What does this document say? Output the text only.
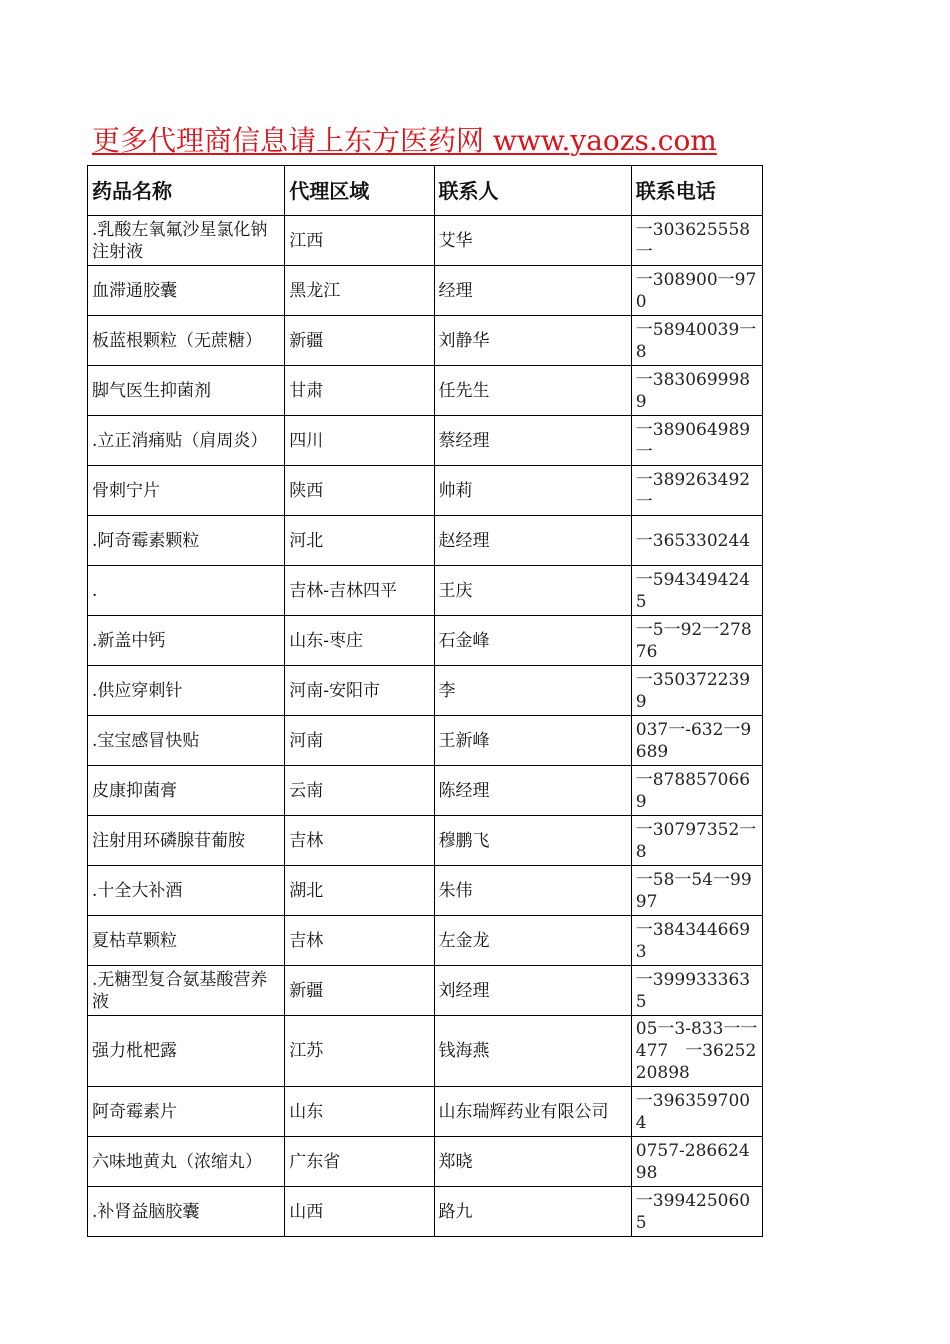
更多代理商信息请上东方医药网 www.yaozs.com
药品名称	代理区域	联系人	联系电话
.乳酸左氧氟沙星氯化钠注射液	江西	艾华	一303625558一
血滞通胶囊	黑龙江	经理	一308900一970
板蓝根颗粒（无蔗糖）	新疆	刘静华	一58940039一8
脚气医生抑菌剂	甘肃	任先生	一3830699989
.立正消痛贴（肩周炎）	四川	蔡经理	一389064989一
骨刺宁片	陕西	帅莉	一389263492一
.阿奇霉素颗粒	河北	赵经理	一365330244
.	吉林-吉林四平	王庆	一5943494245
.新盖中钙	山东-枣庄	石金峰	一5一92一27876
.供应穿刺针	河南-安阳市	李	一3503722399
.宝宝感冒快贴	河南	王新峰	037一-632一9689
皮康抑菌膏	云南	陈经理	一8788570669
注射用环磷腺苷葡胺	吉林	穆鹏飞	一30797352一8
.十全大补酒	湖北	朱伟	一58一54一9997
夏枯草颗粒	吉林	左金龙	一3843446693
.无糖型复合氨基酸营养液	新疆	刘经理	一3999333635
强力枇杷露	江苏	钱海燕	05一3-833一一477　一3625220898
阿奇霉素片	山东	山东瑞辉药业有限公司	一3963597004
六味地黄丸（浓缩丸）	广东省	郑晓	0757-28662498
.补肾益脑胶囊	山西	路九	一3994250605
